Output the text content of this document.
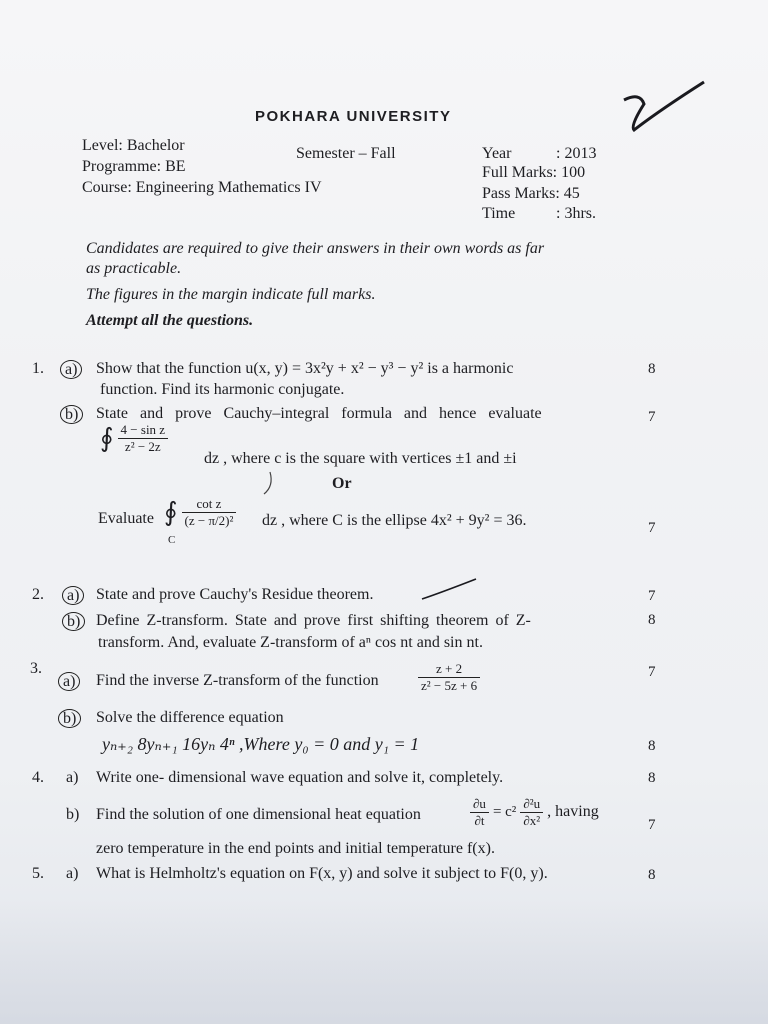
POKHARA UNIVERSITY
Level: Bachelor
Programme: BE
Course: Engineering Mathematics IV
Semester – Fall	Year	: 2013
Full Marks: 100
Pass Marks: 45
Time	: 3hrs.
Candidates are required to give their answers in their own words as far
as practicable.
The figures in the margin indicate full marks.
Attempt all the questions.
1.	a)	Show that the function u(x, y) = 3x²y + x² − y³ − y² is a harmonic
function. Find its harmonic conjugate.
8
b)	State and prove Cauchy–integral formula and hence evaluate	7
∮ $\frac{\text{4 − sin z}}{\text{z² − 2z}}$
dz , where c is the square with vertices ±1 and ±i
Or
Evaluate ∮ $\frac{\text{cot z}}{\text{(z − π/2)²}}$
C
dz , where C is the ellipse 4x² + 9y² = 36.	7
2.	a)	State and prove Cauchy's Residue theorem.	7
b) Define Z-transform. State and prove first shifting theorem of Z-
transform. And, evaluate Z-transform of aⁿ cos nt and sin nt.
8
3.
a)	Find the inverse Z-transform of the function	$\frac{z + 2}{\text{z² − 5z + 6}}$	7
b)	Solve the difference equation
yₙ₊₂ 8yₙ₊₁ 16yₙ 4ⁿ ,Where y₀ = 0 and y₁ = 1	8
4. a) Write one- dimensional wave equation and solve it, completely.	8
b) Find the solution of one dimensional heat equation	$\frac{\partial u}{\partial t} = c^2 \frac{\text{∂²u}}{\text{∂x²}}$ , having
zero temperature in the end points and initial temperature f(x).
7
5. a) What is Helmholtz's equation on F(x, y) and solve it subject to F(0, y).	8
